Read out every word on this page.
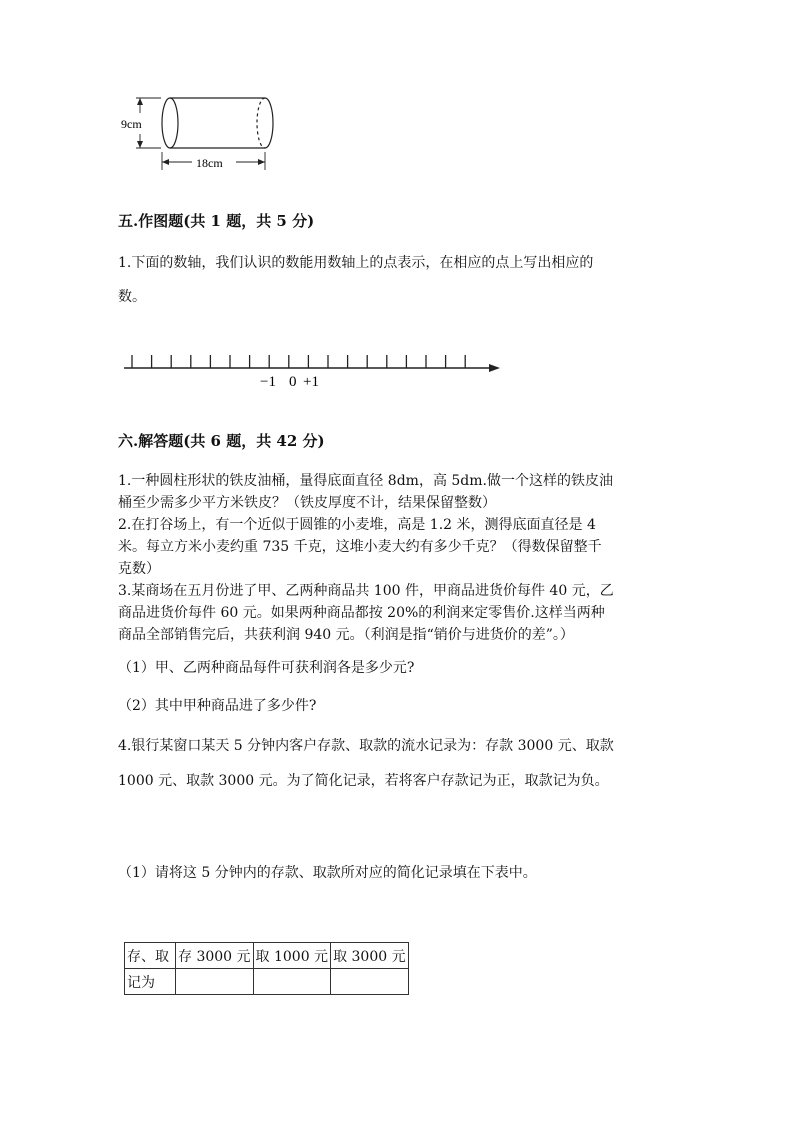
9cm
18cm
五.作图题(共 1 题，共 5 分)
1.下面的数轴，我们认识的数能用数轴上的点表示，在相应的点上写出相应的
数。
−1 0 +1
六.解答题(共 6 题，共 42 分)
1.一种圆柱形状的铁皮油桶，量得底面直径 8dm，高 5dm.做一个这样的铁皮油
桶至少需多少平方米铁皮？（铁皮厚度不计，结果保留整数）
2.在打谷场上，有一个近似于圆锥的小麦堆，高是 1.2 米，测得底面直径是 4
米。每立方米小麦约重 735 千克，这堆小麦大约有多少千克？（得数保留整千
克数）
3.某商场在五月份进了甲、乙两种商品共 100 件，甲商品进货价每件 40 元，乙
商品进货价每件 60 元。如果两种商品都按 20%的利润来定零售价.这样当两种
商品全部销售完后，共获利润 940 元。（利润是指“销价与进货价的差”。）
（1）甲、乙两种商品每件可获利润各是多少元?
（2）其中甲种商品进了多少件?
4.银行某窗口某天 5 分钟内客户存款、取款的流水记录为：存款 3000 元、取款
1000 元、取款 3000 元。为了简化记录，若将客户存款记为正，取款记为负。
（1）请将这 5 分钟内的存款、取款所对应的简化记录填在下表中。
存、取	存 3000 元	取 1000 元	取 3000 元
记为			
